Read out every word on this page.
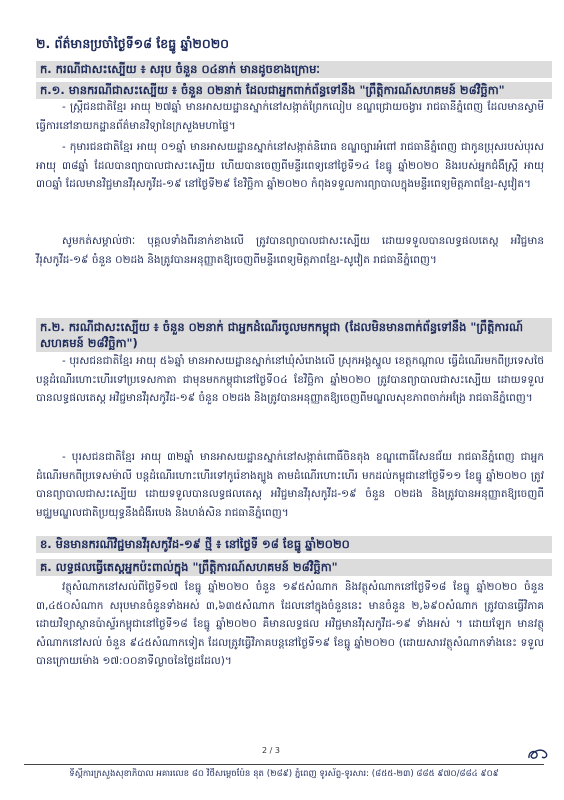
២. ព័ត៌មានប្រចាំថ្ងៃទី១៨ ខែធ្នូ ឆ្នាំ២០២០
ក. ករណីជាសះស្បើយ ៖ សរុប ចំនួន ០៤នាក់ មានដូចខាងក្រោមៈ
ក.១. មានករណីជាសះស្បើយ ៖ ចំនួន ០២នាក់ ដែលជាអ្នកពាក់ព័ន្ធទៅនឹង "ព្រឹត្តិការណ៍សហគមន៍ ២៨វិច្ឆិកា"
- ស្ត្រីជនជាតិខ្មែរ អាយុ ២៧ឆ្នាំ មានអាសយដ្ឋានស្នាក់នៅសង្កាត់ព្រែកលៀប ខណ្ឌជ្រោយចង្វារ រាជធានីភ្នំពេញ ដែលមានស្វាមីធ្វើការនៅនាយកដ្ឋានព័ត៌មានវិទ្យានៃក្រសួងមហាផ្ទៃ។
- កុមារជនជាតិខ្មែរ អាយុ ០១ឆ្នាំ មានអាសយដ្ឋានស្នាក់នៅសង្កាត់និរោធ ខណ្ឌច្បារអំពៅ រាជធានីភ្នំពេញ ជាកូនប្រុសរបស់បុរសអាយុ ៣៨ឆ្នាំ ដែលបានព្យាបាលជាសះស្បើយ ហើយបានចេញពីមន្ទីរពេទ្យនៅថ្ងៃទី១៤ ខែធ្នូ ឆ្នាំ២០២០ និងរបស់អ្នកជំងឺស្ត្រី អាយុ ៣០ឆ្នាំ ដែលមានវិជ្ជមានវីរុសកូវីដ-១៩ នៅថ្ងៃទី២៩ ខែវិច្ឆិកា ឆ្នាំ២០២០ កំពុងទទួលការព្យាបាលក្នុងមន្ទីរពេទ្យមិត្តភាពខ្មែរ-សូវៀត។
សូមកត់សម្គាល់ថាៈ បុគ្គលទាំងពីរនាក់ខាងលើ ត្រូវបានព្យាបាលជាសះស្បើយ ដោយទទួលបានលទ្ធផលតេស្ត អវិជ្ជមានវីរុសកូវីដ-១៩ ចំនួន ០២ដង និងត្រូវបានអនុញ្ញាតឱ្យចេញពីមន្ទីរពេទ្យមិត្តភាពខ្មែរ-សូវៀត រាជធានីភ្នំពេញ។
ក.២. ករណីជាសះស្បើយ ៖ ចំនួន ០២នាក់ ជាអ្នកដំណើរចូលមកកម្ពុជា (ដែលមិនមានពាក់ព័ន្ធទៅនឹង "ព្រឹត្តិការណ៍សហគមន៍ ២៨វិច្ឆិកា")
- បុរសជនជាតិខ្មែរ អាយុ ៥៦ឆ្នាំ មានអាសយដ្ឋានស្នាក់នៅឃុំសំរោងលើ ស្រុកអង្គស្នួល ខេត្តកណ្ដាល ធ្វើដំណើរមកពីប្រទេសថៃ បន្តដំណើរហោះហើរទៅប្រទេសកាតា ជាមុនមកកម្ពុជានៅថ្ងៃទី០៤ ខែវិច្ឆិកា ឆ្នាំ២០២០ ត្រូវបានព្យាបាលជាសះស្បើយ ដោយទទួលបានលទ្ធផលតេស្ត អវិជ្ជមានវីរុសកូវីដ-១៩ ចំនួន ០២ដង និងត្រូវបានអនុញ្ញាតឱ្យចេញពីមណ្ឌលសុខភាពចាក់អង្រែ រាជធានីភ្នំពេញ។
- បុរសជនជាតិខ្មែរ អាយុ ៣២ឆ្នាំ មានអាសយដ្ឋានស្នាក់នៅសង្កាត់ពោធិ៍ចិនតុង ខណ្ឌពោធិ៍សែនជ័យ រាជធានីភ្នំពេញ ជាអ្នកដំណើរមកពីប្រទេសម៉ាលី បន្តដំណើរហោះហើរទៅកូរ៉េខាងត្បូង តាមដំណើរហោះហើរ មកដល់កម្ពុជានៅថ្ងៃទី១១ ខែធ្នូ ឆ្នាំ២០២០ ត្រូវបានព្យាបាលជាសះស្បើយ ដោយទទួលបានលទ្ធផលតេស្ត អវិជ្ជមានវីរុសកូវីដ-១៩ ចំនួន ០២ដង និងត្រូវបានអនុញ្ញាតឱ្យចេញពីមជ្ឈមណ្ឌលជាតិប្រយុទ្ធនឹងជំងឺរបេង និងហង់សិន រាជធានីភ្នំពេញ។
ខ. មិនមានករណីវិជ្ជមានវីរុសកូវីដ-១៩ ថ្មី ៖ នៅថ្ងៃទី ១៨ ខែធ្នូ ឆ្នាំ២០២០
គ. លទ្ធផលធ្វើតេស្តអ្នកប៉ះពាល់ក្នុង "ព្រឹត្តិការណ៍សហគមន៍ ២៨វិច្ឆិកា"
វត្ថុសំណាកនៅសល់ពីថ្ងៃទី១៧ ខែធ្នូ ឆ្នាំ២០២០ ចំនួន ១៩៥សំណាក និងវត្ថុសំណាកនៅថ្ងៃទី១៨ ខែធ្នូ ឆ្នាំ២០២០ ចំនួន ៣,៤៥០សំណាក សរុបមានចំនួនទាំងអស់ ៣,៦៣៥សំណាក ដែលនៅក្នុងចំនួននេះ មានចំនួន ២,៦៩០សំណាក ត្រូវបានធ្វើវិភាគដោយវិទ្យាស្ថានប៉ាស្ទ័រកម្ពុជានៅថ្ងៃទី១៨ ខែធ្នូ ឆ្នាំ២០២០ គឺមានលទ្ធផល អវិជ្ជមានវីរុសកូវីដ-១៩ ទាំងអស់ ។ ដោយឡែក មានវត្ថុសំណាកនៅសល់ ចំនួន ៩៤៥សំណាកទៀត ដែលត្រូវធ្វើវិភាគបន្តនៅថ្ងៃទី១៩ ខែធ្នូ ឆ្នាំ២០២០ (ដោយសារវត្ថុសំណាកទាំងនេះ ទទួលបានក្រោយម៉ោង ១៧:០០នាទីល្ងាចនៃថ្ងៃដដែល)។
2 / 3
ទីស្តីការក្រសួងសុខាភិបាល អគារលេខ ៨០ វិថីសម្តេចប៉ែន នុត (២៨៩) ភ្នំពេញ ទូរស័ព្ទ-ទូរសារ: (៨៥៥-២៣) ៨៨៥ ៩៧០/៨៨៤ ៩០៩
